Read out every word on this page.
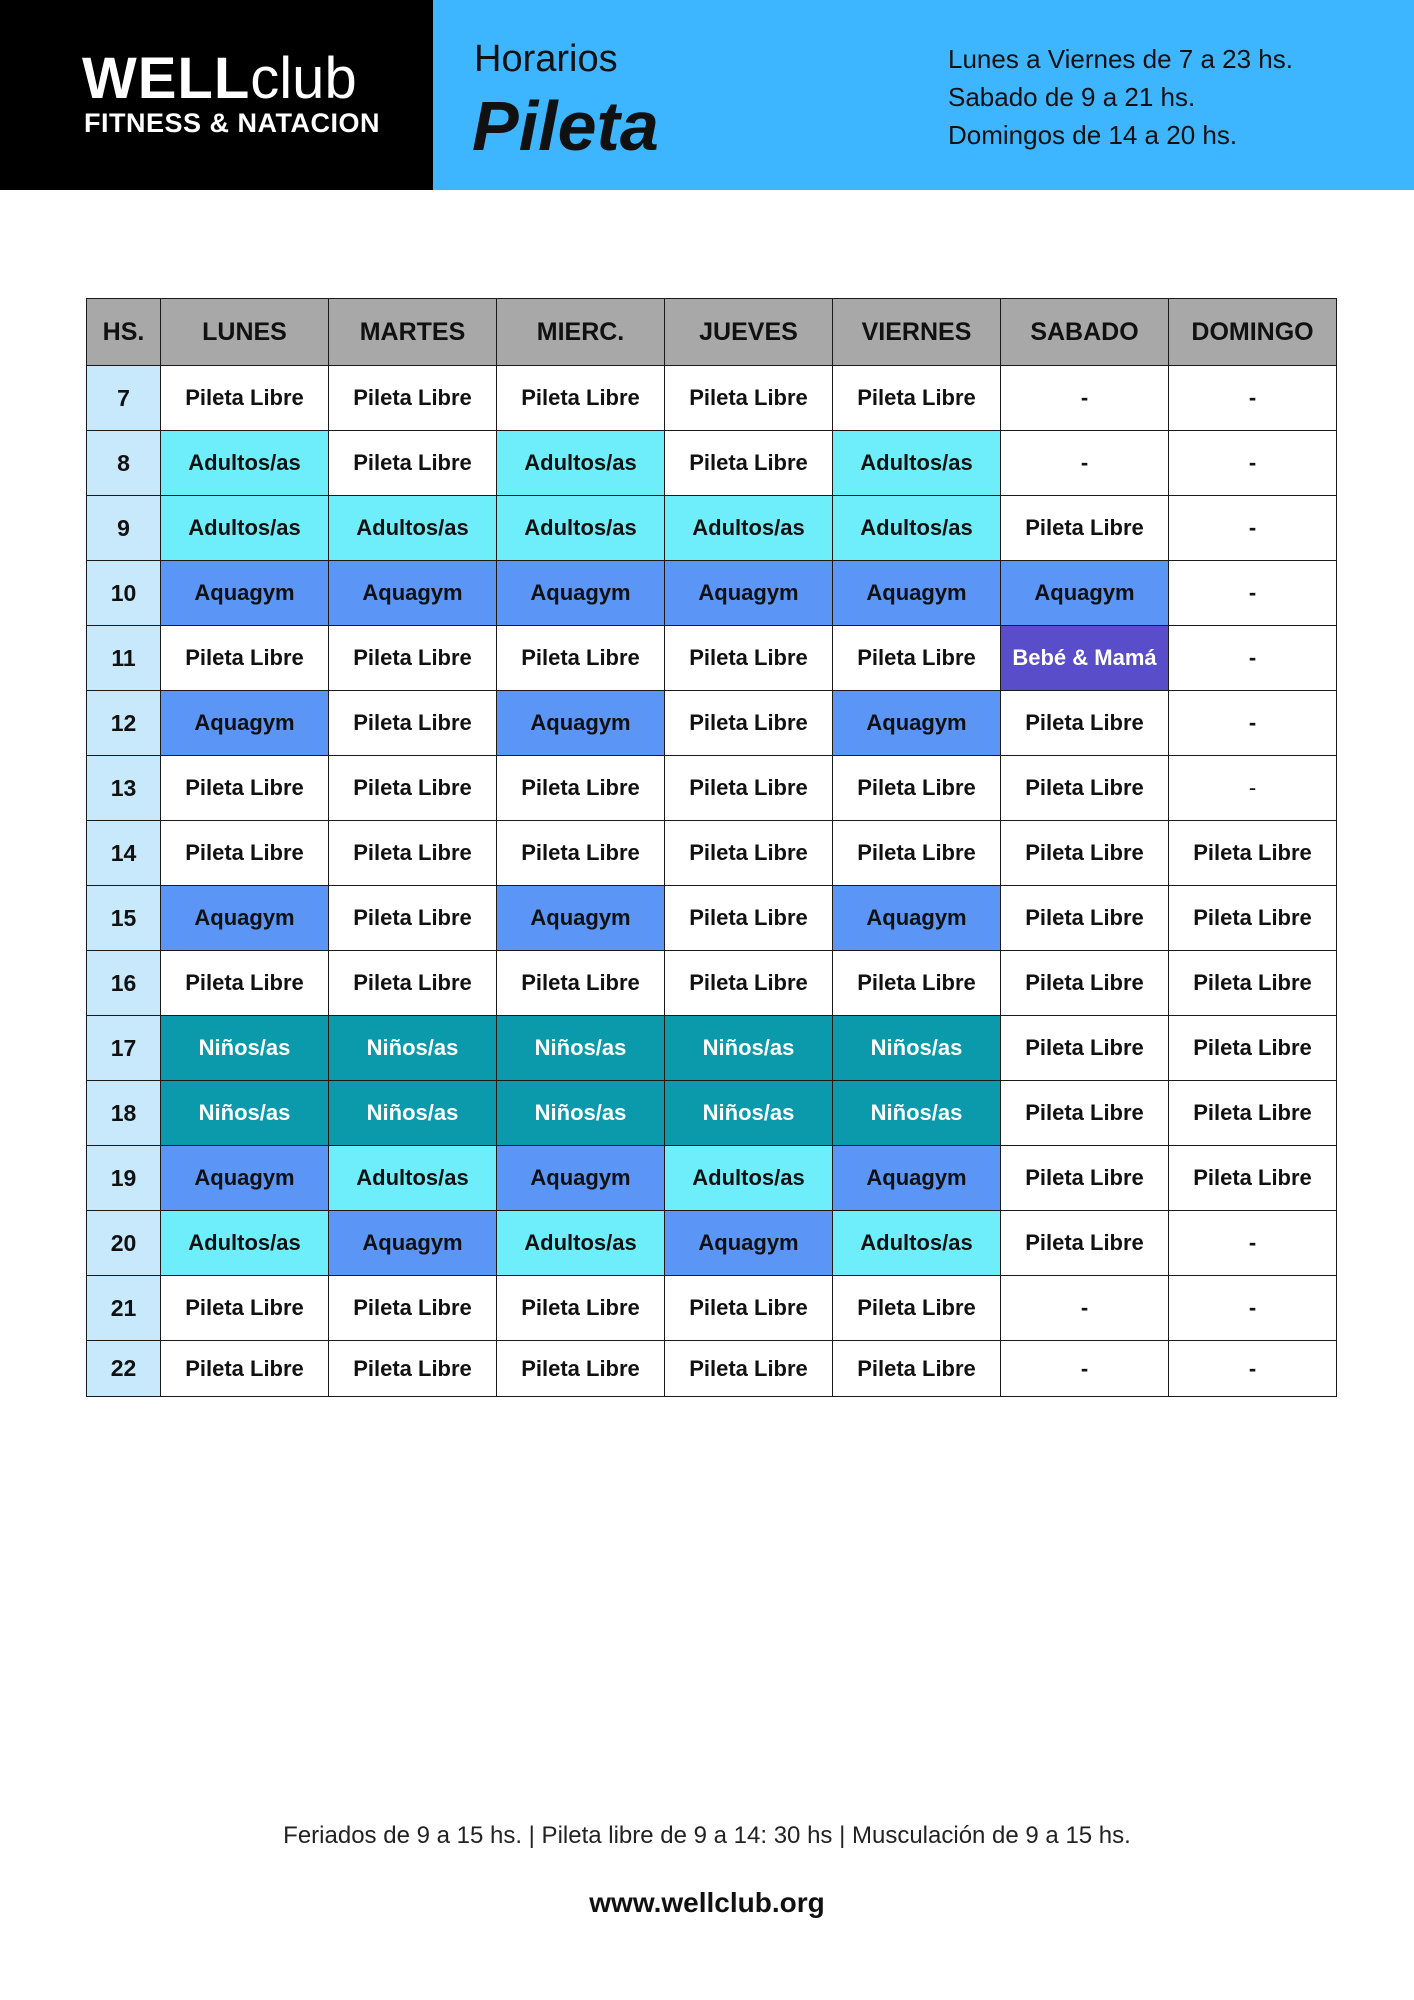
WELLclub
FITNESS & NATACION
Horarios
Pileta
Lunes a Viernes de 7 a 23 hs.
Sabado de 9 a 21 hs.
Domingos de 14 a 20 hs.
HS.	LUNES	MARTES	MIERC.	JUEVES	VIERNES	SABADO	DOMINGO
7	Pileta Libre	Pileta Libre	Pileta Libre	Pileta Libre	Pileta Libre	-	-
8	Adultos/as	Pileta Libre	Adultos/as	Pileta Libre	Adultos/as	-	-
9	Adultos/as	Adultos/as	Adultos/as	Adultos/as	Adultos/as	Pileta Libre	-
10	Aquagym	Aquagym	Aquagym	Aquagym	Aquagym	Aquagym	-
11	Pileta Libre	Pileta Libre	Pileta Libre	Pileta Libre	Pileta Libre	Bebé & Mamá	-
12	Aquagym	Pileta Libre	Aquagym	Pileta Libre	Aquagym	Pileta Libre	-
13	Pileta Libre	Pileta Libre	Pileta Libre	Pileta Libre	Pileta Libre	Pileta Libre	-
14	Pileta Libre	Pileta Libre	Pileta Libre	Pileta Libre	Pileta Libre	Pileta Libre	Pileta Libre
15	Aquagym	Pileta Libre	Aquagym	Pileta Libre	Aquagym	Pileta Libre	Pileta Libre
16	Pileta Libre	Pileta Libre	Pileta Libre	Pileta Libre	Pileta Libre	Pileta Libre	Pileta Libre
17	Niños/as	Niños/as	Niños/as	Niños/as	Niños/as	Pileta Libre	Pileta Libre
18	Niños/as	Niños/as	Niños/as	Niños/as	Niños/as	Pileta Libre	Pileta Libre
19	Aquagym	Adultos/as	Aquagym	Adultos/as	Aquagym	Pileta Libre	Pileta Libre
20	Adultos/as	Aquagym	Adultos/as	Aquagym	Adultos/as	Pileta Libre	-
21	Pileta Libre	Pileta Libre	Pileta Libre	Pileta Libre	Pileta Libre	-	-
22	Pileta Libre	Pileta Libre	Pileta Libre	Pileta Libre	Pileta Libre	-	-
Feriados de 9 a 15 hs. | Pileta libre de 9 a 14: 30 hs | Musculación de 9 a 15 hs.
www.wellclub.org
